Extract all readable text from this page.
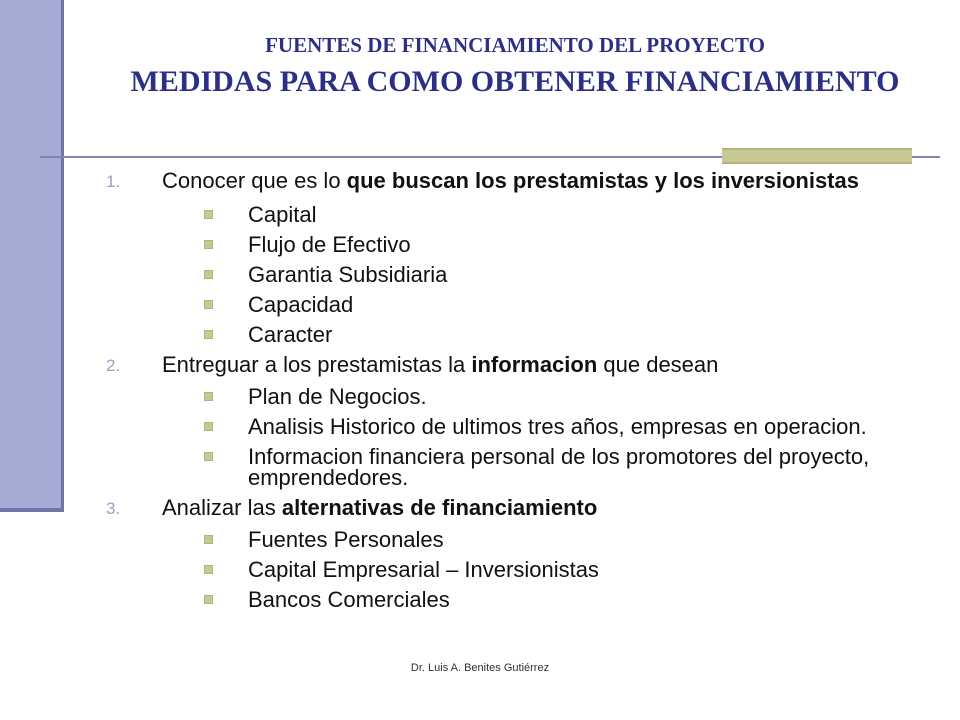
FUENTES DE FINANCIAMIENTO DEL PROYECTO
MEDIDAS PARA COMO OBTENER FINANCIAMIENTO
1.	Conocer que es lo que buscan los prestamistas y los inversionistas
Capital
Flujo de Efectivo
Garantia Subsidiaria
Capacidad
Caracter
2.	Entreguar a los prestamistas la informacion que desean
Plan de Negocios.
Analisis Historico de ultimos tres años, empresas en operacion.
Informacion financiera personal de los promotores del proyecto, emprendedores.
3.	Analizar las alternativas de financiamiento
Fuentes Personales
Capital Empresarial – Inversionistas
Bancos Comerciales
Dr. Luis A. Benites Gutiérrez
